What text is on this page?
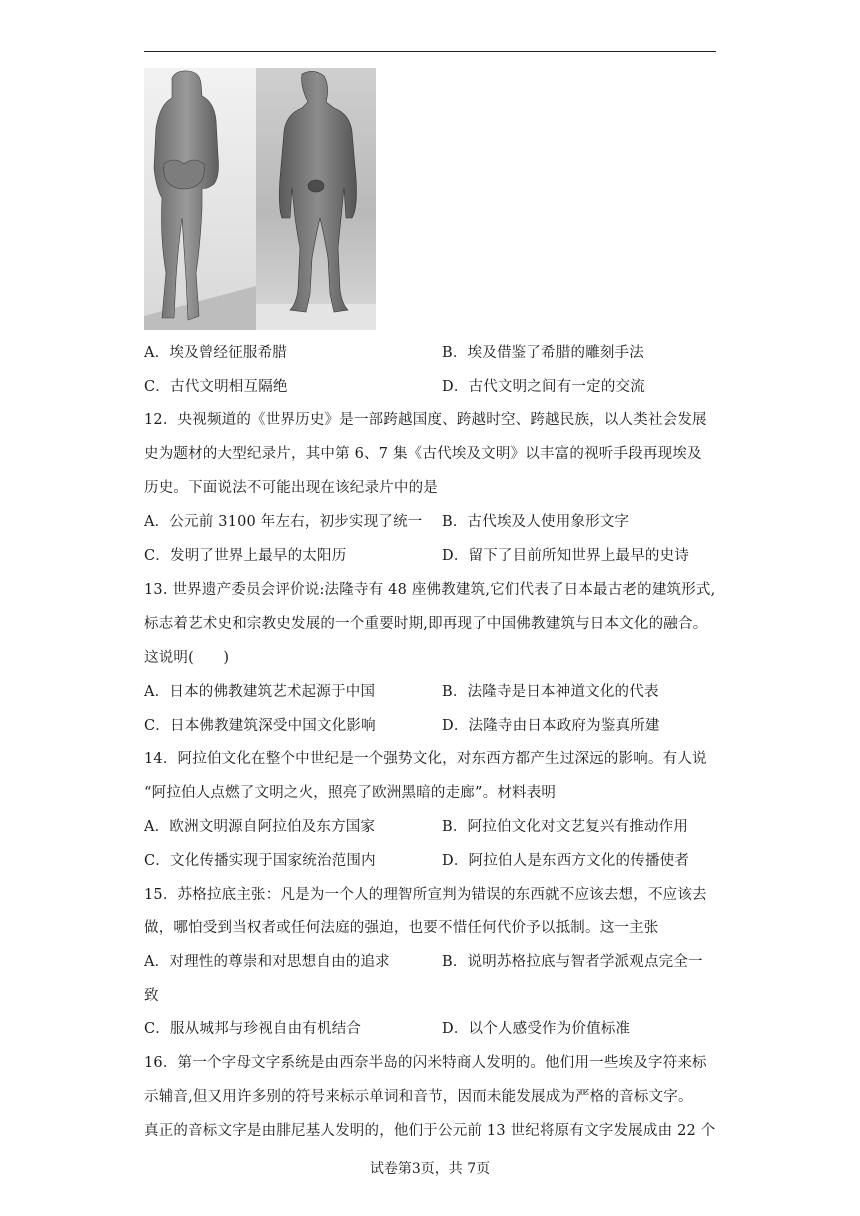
A．埃及曾经征服希腊	B．埃及借鉴了希腊的雕刻手法
C．古代文明相互隔绝	D．古代文明之间有一定的交流
12．央视频道的《世界历史》是一部跨越国度、跨越时空、跨越民族，以人类社会发展
史为题材的大型纪录片，其中第 6、7 集《古代埃及文明》以丰富的视听手段再现埃及
历史。下面说法不可能出现在该纪录片中的是
A．公元前 3100 年左右，初步实现了统一 B．古代埃及人使用象形文字
C．发明了世界上最早的太阳历	D．留下了目前所知世界上最早的史诗
13. 世界遗产委员会评价说:法隆寺有 48 座佛教建筑,它们代表了日本最古老的建筑形式,
标志着艺术史和宗教史发展的一个重要时期,即再现了中国佛教建筑与日本文化的融合。
这说明(　　)
A．日本的佛教建筑艺术起源于中国	B．法隆寺是日本神道文化的代表
C．日本佛教建筑深受中国文化影响	D．法隆寺由日本政府为鉴真所建
14．阿拉伯文化在整个中世纪是一个强势文化，对东西方都产生过深远的影响。有人说
“阿拉伯人点燃了文明之火，照亮了欧洲黑暗的走廊”。材料表明
A．欧洲文明源自阿拉伯及东方国家	B．阿拉伯文化对文艺复兴有推动作用
C．文化传播实现于国家统治范围内	D．阿拉伯人是东西方文化的传播使者
15．苏格拉底主张：凡是为一个人的理智所宣判为错误的东西就不应该去想，不应该去
做，哪怕受到当权者或任何法庭的强迫，也要不惜任何代价予以抵制。这一主张
A．对理性的尊崇和对思想自由的追求	B．说明苏格拉底与智者学派观点完全一
致
C．服从城邦与珍视自由有机结合	D．以个人感受作为价值标准
16．第一个字母文字系统是由西奈半岛的闪米特商人发明的。他们用一些埃及字符来标
示辅音,但又用许多别的符号来标示单词和音节，因而未能发展成为严格的音标文字。
真正的音标文字是由腓尼基人发明的，他们于公元前 13 世纪将原有文字发展成由 22 个
试卷第3页，共 7页
